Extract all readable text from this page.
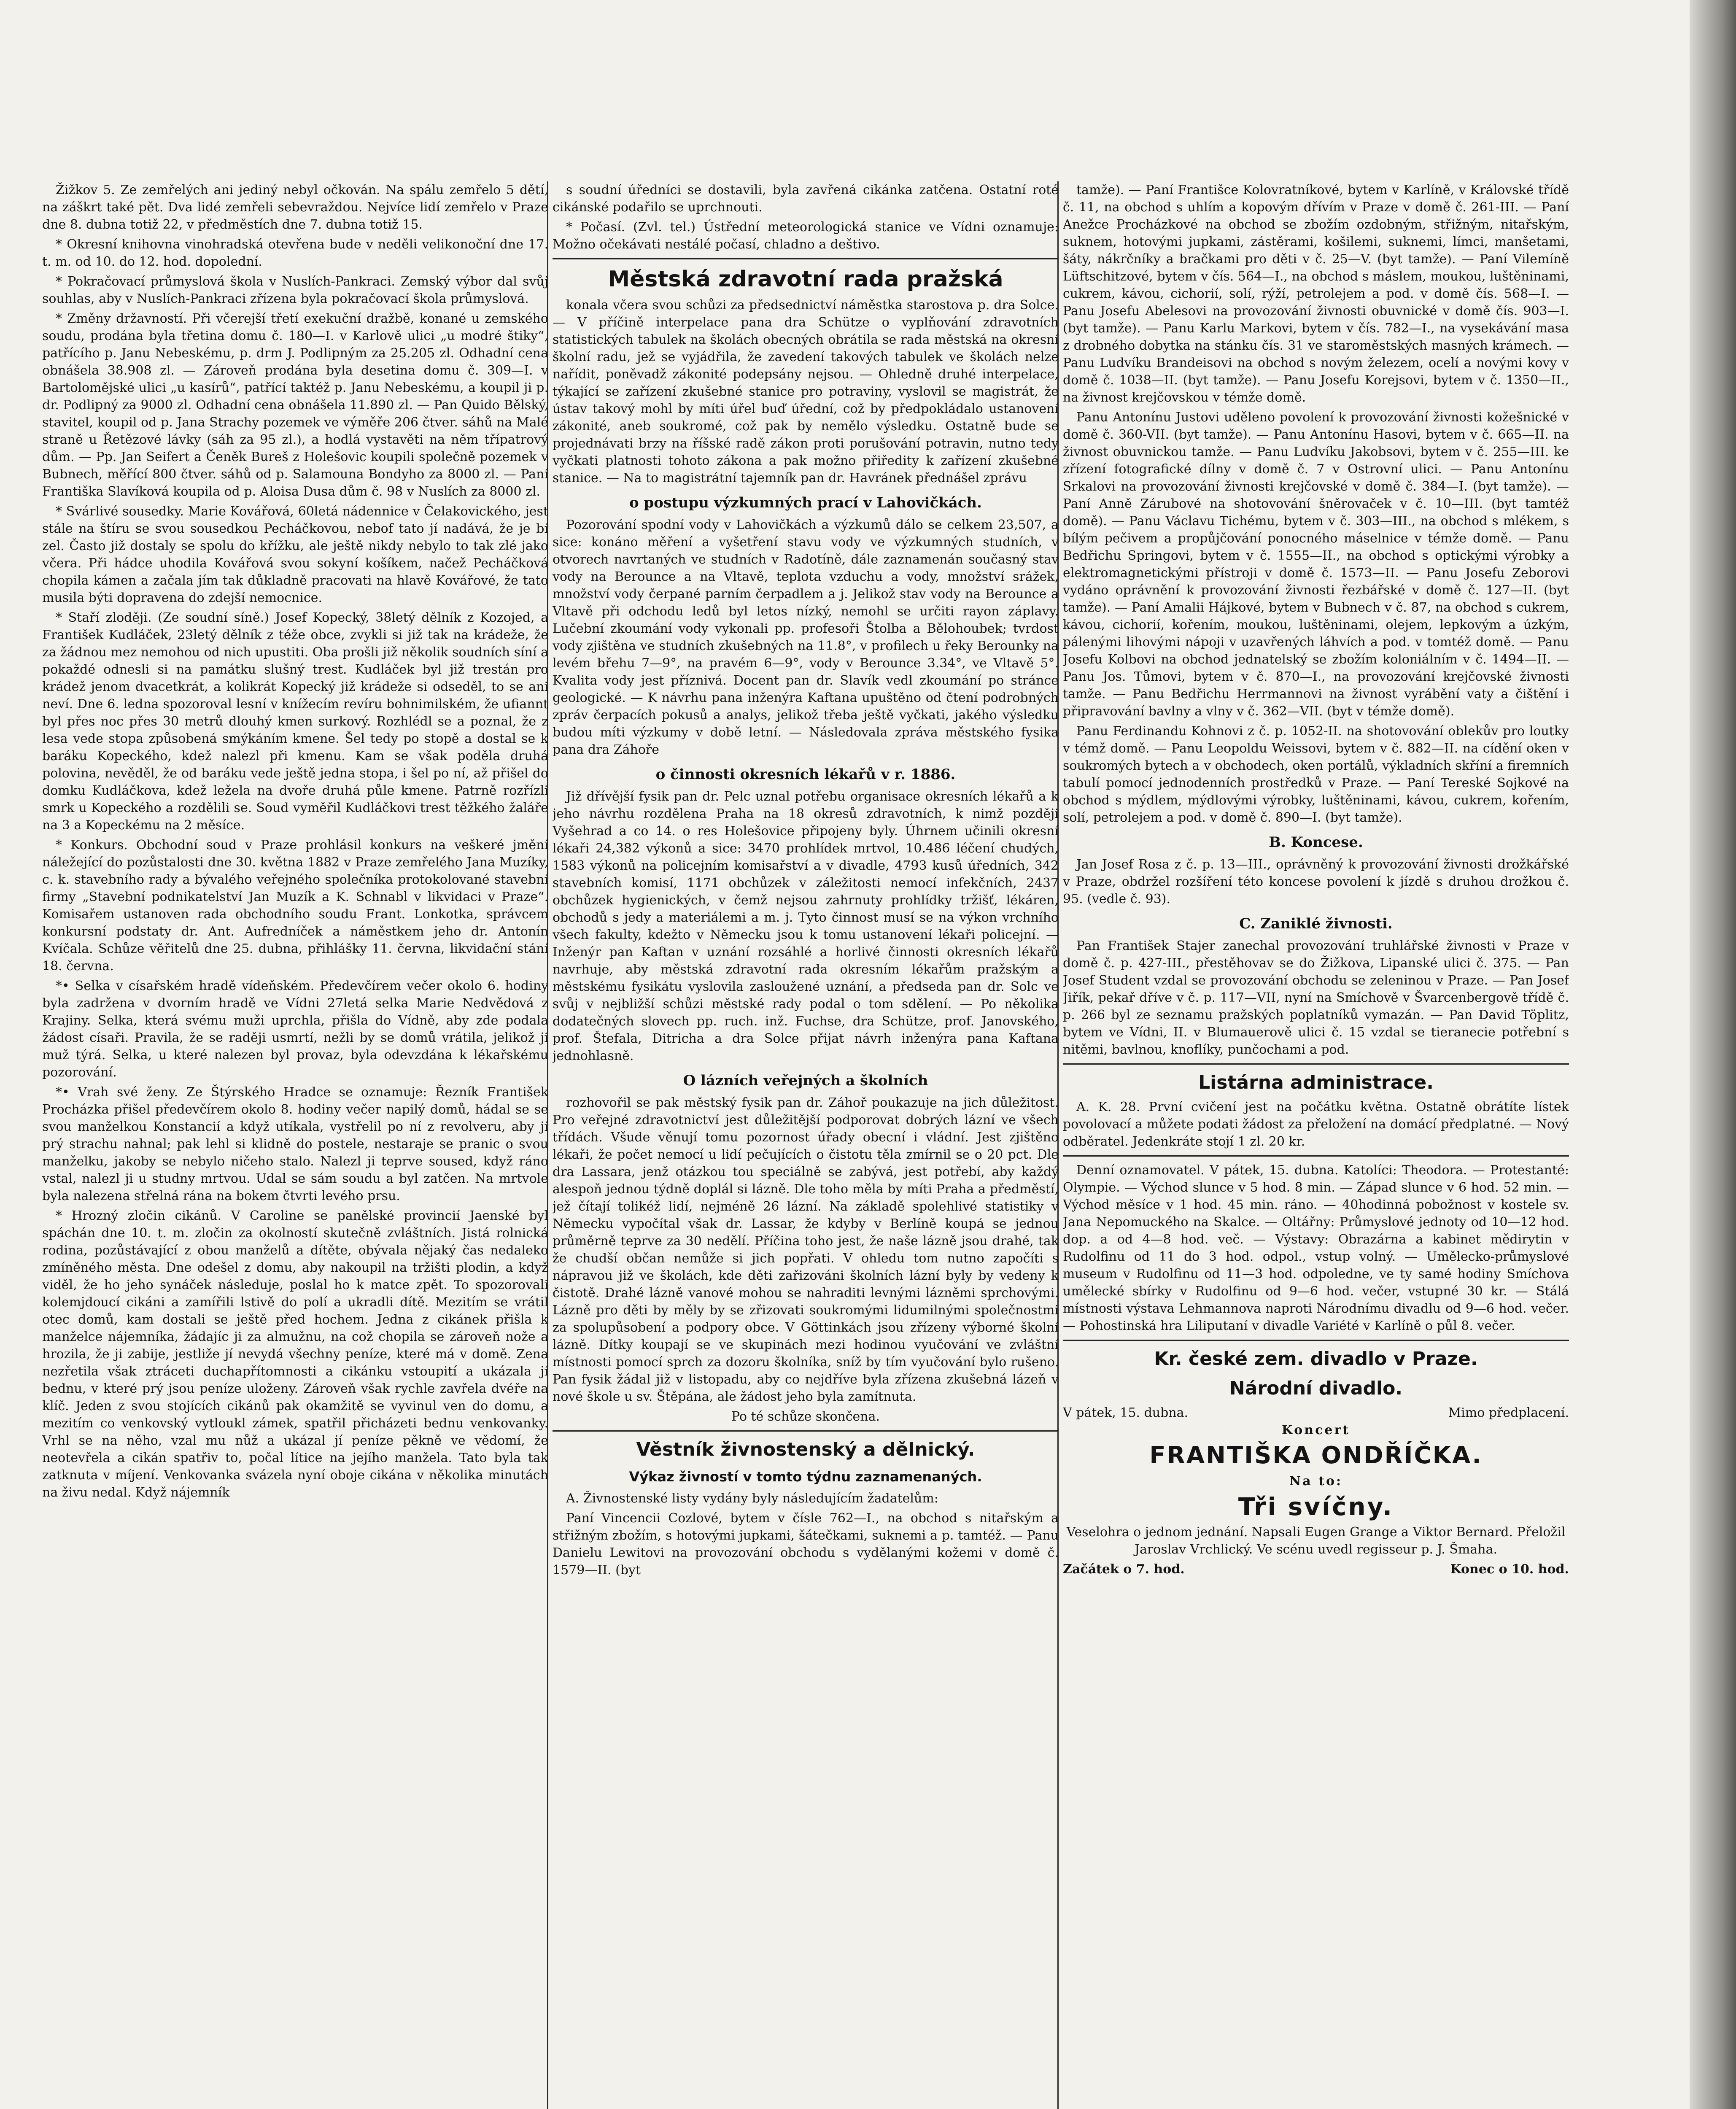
Žižkov 5. Ze zemřelých ani jediný nebyl očkován. Na spálu zemřelo 5 dětí, na záškrt také pět. Dva lidé zemřeli sebevraždou. Nejvíce lidí zemřelo v Praze dne 8. dubna totiž 22, v předměstích dne 7. dubna totiž 15.

* Okresní knihovna vinohradská otevřena bude v neděli velikonoční dne 17. t. m. od 10. do 12. hod. dopolední.

* Pokračovací průmyslová škola v Nuslích-Pankraci. Zemský výbor dal svůj souhlas, aby v Nuslích-Pankraci zřízena byla pokračovací škola průmyslová.

* Změny državností. Při včerejší třetí exekuční dražbě, konané u zemského soudu, prodána byla třetina domu č. 180—I. v Karlově ulici „u modré štiky“, patřícího p. Janu Nebeskému, p. drm J. Podlipným za 25.205 zl. Odhadní cena obnášela 38.908 zl. — Zároveň prodána byla desetina domu č. 309—I. v Bartolomějské ulici „u kasírů“, patřící taktéž p. Janu Nebeskému, a koupil ji p. dr. Podlipný za 9000 zl. Odhadní cena obnášela 11.890 zl. — Pan Quido Bělský, stavitel, koupil od p. Jana Strachy pozemek ve výměře 206 čtver. sáhů na Malé straně u Řetězové lávky (sáh za 95 zl.), a hodlá vystavěti na něm třípatrový dům. — Pp. Jan Seifert a Čeněk Bureš z Holešovic koupili společně pozemek v Bubnech, měřící 800 čtver. sáhů od p. Salamouna Bondyho za 8000 zl. — Paní Františka Slavíková koupila od p. Aloisa Dusa dům č. 98 v Nuslích za 8000 zl.

* Svárlivé sousedky. Marie Kovářová, 60letá nádennice v Čelakovického, jest stále na štíru se svou sousedkou Pecháčkovou, nebof tato jí nadává, že je bí zel. Často již dostaly se spolu do křížku, ale ještě nikdy nebylo to tak zlé jako včera. Při hádce uhodila Kovářová svou sokyní košíkem, načež Pecháčková chopila kámen a začala jím tak důkladně pracovati na hlavě Kovářové, že tato musila býti dopravena do zdejší nemocnice.

* Staří zloději. (Ze soudní síně.) Josef Kopecký, 38letý dělník z Kozojed, a František Kudláček, 23letý dělník z téže obce, zvykli si již tak na krádeže, že za žádnou mez nemohou od nich upustiti. Oba prošli již několik soudních síní a pokaždé odnesli si na památku slušný trest. Kudláček byl již trestán pro krádež jenom dvacetkrát, a kolikrát Kopecký již krádeže si odseděl, to se ani neví. Dne 6. ledna spozoroval lesní v knížecím revíru bohnimilském, že ufiannt byl přes noc přes 30 metrů dlouhý kmen surkový. Rozhlédl se a poznal, že z lesa vede stopa způsobená smýkáním kmene. Šel tedy po stopě a dostal se k baráku Kopeckého, kdež nalezl při kmenu. Kam se však poděla druhá polovina, nevěděl, že od baráku vede ještě jedna stopa, i šel po ní, až přišel do domku Kudláčkova, kdež ležela na dvoře druhá půle kmene. Patrně rozřízli smrk u Kopeckého a rozdělili se. Soud vyměřil Kudláčkovi trest těžkého žaláře na 3 a Kopeckému na 2 měsíce.

* Konkurs. Obchodní soud v Praze prohlásil konkurs na veškeré jmění náležející do pozůstalosti dne 30. května 1882 v Praze zemřelého Jana Muzíky, c. k. stavebního rady a bývalého veřejného společníka protokolované stavební firmy „Stavební podnikatelství Jan Muzík a K. Schnabl v likvidaci v Praze“. Komisařem ustanoven rada obchodního soudu Frant. Lonkotka, správcem konkursní podstaty dr. Ant. Aufredníček a náměstkem jeho dr. Antonín Kvíčala. Schůze věřitelů dne 25. dubna, přihlášky 11. června, likvidační stání 18. června.

*• Selka v císařském hradě vídeňském. Předevčírem večer okolo 6. hodiny byla zadržena v dvorním hradě ve Vídni 27letá selka Marie Nedvědová z Krajiny. Selka, která svému muži uprchla, přišla do Vídně, aby zde podala žádost císaři. Pravila, že se raději usmrtí, nežli by se domů vrátila, jelikož ji muž týrá. Selka, u které nalezen byl provaz, byla odevzdána k lékařskému pozorování.

*• Vrah své ženy. Ze Štýrského Hradce se oznamuje: Řezník František Procházka přišel předevčírem okolo 8. hodiny večer napilý domů, hádal se se svou manželkou Konstancií a když utíkala, vystřelil po ní z revolveru, aby jí prý strachu nahnal; pak lehl si klidně do postele, nestaraje se pranic o svou manželku, jakoby se nebylo ničeho stalo. Nalezl ji teprve soused, když ráno vstal, nalezl ji u studny mrtvou. Udal se sám soudu a byl zatčen. Na mrtvole byla nalezena střelná rána na bokem čtvrti levého prsu.

* Hrozný zločin cikánů. V Caroline se panělské provincií Jaenské byl spáchán dne 10. t. m. zločin za okolností skutečně zvláštních. Jistá rolnická rodina, pozůstávající z obou manželů a dítěte, obývala nějaký čas nedaleko zmíněného města. Dne odešel z domu, aby nakoupil na tržišti plodin, a když viděl, že ho jeho synáček následuje, poslal ho k matce zpět. To spozorovali kolemjdoucí cikáni a zamířili lstivě do polí a ukradli dítě. Mezitím se vrátil otec domů, kam dostali se ještě před hochem. Jedna z cikánek přišla k manželce nájemníka, žádajíc ji za almužnu, na což chopila se zároveň nože a hrozila, že ji zabije, jestliže jí nevydá všechny peníze, které má v domě. Zena nezřetila však ztráceti duchapřítomnosti a cikánku vstoupití a ukázala jí bednu, v které prý jsou peníze uloženy. Zároveň však rychle zavřela dvéře na klíč. Jeden z svou stojících cikánů pak okamžitě se vyvinul ven do domu, a mezitím co venkovský vytloukl zámek, spatřil přicházeti bednu venkovanky. Vrhl se na něho, vzal mu nůž a ukázal jí peníze pěkně ve vědomí, že neotevřela a cikán spatřiv to, počal lítice na jejího manžela. Tato byla tak zatknuta v míjení. Venkovanka svázela nyní oboje cikána v několika minutách na živu nedal. Když nájemník

s soudní úředníci se dostavili, byla zavřená cikánka zatčena. Ostatní roté cikánské podařilo se uprchnouti.

* Počasí. (Zvl. tel.) Ústřední meteorologická stanice ve Vídni oznamuje: Možno očekávati nestálé počasí, chladno a deštivo.

Městská zdravotní rada pražská

konala včera svou schůzi za předsednictví náměstka starostova p. dra Solce. — V příčině interpelace pana dra Schütze o vyplňování zdravotních statistických tabulek na školách obecných obrátila se rada městská na okresní školní radu, jež se vyjádřila, že zavedení takových tabulek ve školách nelze nařídit, poněvadž zákonité podepsány nejsou. — Ohledně druhé interpelace, týkající se zařízení zkušebné stanice pro potraviny, vyslovil se magistrát, že ústav takový mohl by míti úřel buď úřední, což by předpokládalo ustanovení zákonité, aneb soukromé, což pak by nemělo výsledku. Ostatně bude se projednávati brzy na říšské radě zákon proti porušování potravin, nutno tedy vyčkati platnosti tohoto zákona a pak možno přiředity k zařízení zkušebné stanice. — Na to magistrátní tajemník pan dr. Havránek přednášel zprávu

o postupu výzkumných prací v Lahovičkách.

Pozorování spodní vody v Lahovičkách a výzkumů dálo se celkem 23,507, a sice: konáno měření a vyšetření stavu vody ve výzkumných studních, v otvorech navrtaných ve studních v Radotíně, dále zaznamenán současný stav vody na Berounce a na Vltavě, teplota vzduchu a vody, množství srážek, množství vody čerpané parním čerpadlem a j. Jelikož stav vody na Berounce a Vltavě při odchodu ledů byl letos nízký, nemohl se určiti rayon záplavy. Lučební zkoumání vody vykonali pp. profesoři Štolba a Bělohoubek; tvrdost vody zjištěna ve studních zkušebných na 11.8°, v profilech u řeky Berounky na levém břehu 7—9°, na pravém 6—9°, vody v Berounce 3.34°, ve Vltavě 5°. Kvalita vody jest příznivá. Docent pan dr. Slavík vedl zkoumání po stránce geologické. — K návrhu pana inženýra Kaftana upuštěno od čtení podrobných zpráv čerpacích pokusů a analys, jelikož třeba ještě vyčkati, jakého výsledku budou míti výzkumy v době letní. — Následovala zpráva městského fysika pana dra Záhoře

o činnosti okresních lékařů v r. 1886.

Již dřívější fysik pan dr. Pelc uznal potřebu organisace okresních lékařů a k jeho návrhu rozdělena Praha na 18 okresů zdravotních, k nimž později Vyšehrad a co 14. o res Holešovice připojeny byly. Úhrnem učinili okresní lékaři 24,382 výkonů a sice: 3470 prohlídek mrtvol, 10.486 léčení chudých, 1583 výkonů na policejním komisařství a v divadle, 4793 kusů úředních, 342 stavebních komisí, 1171 obchůzek v záležitosti nemocí infekčních, 2437 obchůzek hygienických, v čemž nejsou zahrnuty prohlídky tržišť, lékáren, obchodů s jedy a materiálemi a m. j. Tyto činnost musí se na výkon vrchního všech fakulty, kdežto v Německu jsou k tomu ustanovení lékaři policejní. — Inženýr pan Kaftan v uznání rozsáhlé a horlivé činnosti okresních lékařů navrhuje, aby městská zdravotní rada okresním lékařům pražským a městskému fysikátu vyslovila zasloužené uznání, a předseda pan dr. Solc ve svůj v nejbližší schůzi městské rady podal o tom sdělení. — Po několika dodatečných slovech pp. ruch. inž. Fuchse, dra Schütze, prof. Janovského, prof. Štefala, Ditricha a dra Solce přijat návrh inženýra pana Kaftana jednohlasně.

O lázních veřejných a školních

rozhovořil se pak městský fysik pan dr. Záhoř poukazuje na jich důležitost. Pro veřejné zdravotnictví jest důležitější podporovat dobrých lázní ve všech třídách. Všude věnují tomu pozornost úřady obecní i vládní. Jest zjištěno lékaři, že počet nemocí u lidí pečujících o čistotu těla zmírnil se o 20 pct. Dle dra Lassara, jenž otázkou tou speciálně se zabývá, jest potřebí, aby každý alespoň jednou týdně doplál si lázně. Dle toho měla by míti Praha a předměstí, jež čítají tolikéž lidí, nejméně 26 lázní. Na základě spolehlivé statistiky v Německu vypočítal však dr. Lassar, že kdyby v Berlíně koupá se jednou průměrně teprve za 30 nedělí. Příčina toho jest, že naše lázně jsou drahé, tak že chudší občan nemůže si jich popřati. V ohledu tom nutno započíti s nápravou již ve školách, kde děti zařizováni školních lázní byly by vedeny k čistotě. Drahé lázně vanové mohou se nahraditi levnými lázněmi sprchovými. Lázně pro děti by měly by se zřizovati soukromými lidumilnými společnostmi za spolupůsobení a podpory obce. V Göttinkách jsou zřízeny výborné školní lázně. Dítky koupají se ve skupinách mezi hodinou vyučování ve zvláštní místnosti pomocí sprch za dozoru školníka, sníž by tím vyučování bylo rušeno. Pan fysik žádal již v listopadu, aby co nejdříve byla zřízena zkušebná lázeň v nové škole u sv. Štěpána, ale žádost jeho byla zamítnuta.

Po té schůze skončena.

Věstník živnostenský a dělnický.
Výkaz živností v tomto týdnu zaznamenaných.

A. Živnostenské listy vydány byly následujícím žadatelům:

Paní Vincencii Cozlové, bytem v čísle 762—I., na obchod s nitařským a střižným zbožím, s hotovými jupkami, šátečkami, suknemi a p. tamtéž. — Panu Danielu Lewitovi na provozování obchodu s vydělanými kožemi v domě č. 1579—II. (byt

tamže). — Paní Františce Kolovratníkové, bytem v Karlíně, v Královské třídě č. 11, na obchod s uhlím a kopovým dřívím v Praze v domě č. 261-III. — Paní Anežce Procházkové na obchod se zbožím ozdobným, střižným, nitařským, suknem, hotovými jupkami, zástěrami, košilemi, suknemi, límci, manšetami, šáty, nákrčníky a bračkami pro děti v č. 25—V. (byt tamže). — Paní Vilemíně Lüftschitzové, bytem v čís. 564—I., na obchod s máslem, moukou, luštěninami, cukrem, kávou, cichorií, solí, rýží, petrolejem a pod. v domě čís. 568—I. — Panu Josefu Abelesovi na provozování živnosti obuvnické v domě čís. 903—I. (byt tamže). — Panu Karlu Markovi, bytem v čís. 782—I., na vysekávání masa z drobného dobytka na stánku čís. 31 ve staroměstských masných krámech. — Panu Ludvíku Brandeisovi na obchod s novým železem, ocelí a novými kovy v domě č. 1038—II. (byt tamže). — Panu Josefu Korejsovi, bytem v č. 1350—II., na živnost krejčovskou v témže domě.

Panu Antonínu Justovi uděleno povolení k provozování živnosti kožešnické v domě č. 360-VII. (byt tamže). — Panu Antonínu Hasovi, bytem v č. 665—II. na živnost obuvnickou tamže. — Panu Ludvíku Jakobsovi, bytem v č. 255—III. ke zřízení fotografické dílny v domě č. 7 v Ostrovní ulici. — Panu Antonínu Srkalovi na provozování živnosti krejčovské v domě č. 384—I. (byt tamže). — Paní Anně Zárubové na shotovování šněrovaček v č. 10—III. (byt tamtéž domě). — Panu Václavu Tichému, bytem v č. 303—III., na obchod s mlékem, s bílým pečivem a propůjčování ponocného máselnice v témže domě. — Panu Bedřichu Springovi, bytem v č. 1555—II., na obchod s optickými výrobky a elektromagnetickými přístroji v domě č. 1573—II. — Panu Josefu Zeborovi vydáno oprávnění k provozování živnosti řezbářské v domě č. 127—II. (byt tamže). — Paní Amalii Hájkové, bytem v Bubnech v č. 87, na obchod s cukrem, kávou, cichorií, kořením, moukou, luštěninami, olejem, lepkovým a úzkým, pálenými lihovými nápoji v uzavřených láhvích a pod. v tomtéž domě. — Panu Josefu Kolbovi na obchod jednatelský se zbožím koloniálním v č. 1494—II. — Panu Jos. Tůmovi, bytem v č. 870—I., na provozování krejčovské živnosti tamže. — Panu Bedřichu Herrmannovi na živnost vyrábění vaty a čištění i připravování bavlny a vlny v č. 362—VII. (byt v témže domě).

Panu Ferdinandu Kohnovi z č. p. 1052-II. na shotovování oblekův pro loutky v témž domě. — Panu Leopoldu Weissovi, bytem v č. 882—II. na cídění oken v soukromých bytech a v obchodech, oken portálů, výkladních skříní a firemních tabulí pomocí jednodenních prostředků v Praze. — Paní Tereské Sojkové na obchod s mýdlem, mýdlovými výrobky, luštěninami, kávou, cukrem, kořením, solí, petrolejem a pod. v domě č. 890—I. (byt tamže).

B. Koncese.

Jan Josef Rosa z č. p. 13—III., oprávněný k provozování živnosti drožkářské v Praze, obdržel rozšíření této koncese povolení k jízdě s druhou drožkou č. 95. (vedle č. 93).

C. Zaniklé živnosti.

Pan František Stajer zanechal provozování truhlářské živnosti v Praze v domě č. p. 427-III., přestěhovav se do Žižkova, Lipanské ulici č. 375. — Pan Josef Student vzdal se provozování obchodu se zeleninou v Praze. — Pan Josef Jiřík, pekař dříve v č. p. 117—VII, nyní na Smíchově v Švarcenbergově třídě č. p. 266 byl ze seznamu pražských poplatníků vymazán. — Pan David Töplitz, bytem ve Vídni, II. v Blumauerově ulici č. 15 vzdal se tieranecie potřební s nitěmi, bavlnou, knoflíky, punčochami a pod.

Listárna administrace.

A. K. 28. První cvičení jest na počátku května. Ostatně obrátíte lístek povolovací a můžete podati žádost za přeložení na domácí předplatné. — Nový odběratel. Jedenkráte stojí 1 zl. 20 kr.

Denní oznamovatel. V pátek, 15. dubna. Katolíci: Theodora. — Protestanté: Olympie. — Východ slunce v 5 hod. 8 min. — Západ slunce v 6 hod. 52 min. — Východ měsíce v 1 hod. 45 min. ráno. — 40hodinná pobožnost v kostele sv. Jana Nepomuckého na Skalce. — Oltářny: Průmyslové jednoty od 10—12 hod. dop. a od 4—8 hod. več. — Výstavy: Obrazárna a kabinet mědirytin v Rudolfinu od 11 do 3 hod. odpol., vstup volný. — Umělecko-průmyslové museum v Rudolfinu od 11—3 hod. odpoledne, ve ty samé hodiny Smíchova umělecké sbírky v Rudolfinu od 9—6 hod. večer, vstupné 30 kr. — Stálá místnosti výstava Lehmannova naproti Národnímu divadlu od 9—6 hod. večer. — Pohostinská hra Liliputaní v divadle Variété v Karlíně o půl 8. večer.

Kr. české zem. divadlo v Praze.
Národní divadlo.
V pátek, 15. dubna.	Mimo předplacení.

Koncert

FRANTIŠKA ONDŘÍČKA.

Na to:

Tři svíčny.

Veselohra o jednom jednání. Napsali Eugen Grange a Viktor Bernard. Přeložil Jaroslav Vrchlický. Ve scénu uvedl regisseur p. J. Šmaha.

Začátek o 7. hod.	Konec o 10. hod.
